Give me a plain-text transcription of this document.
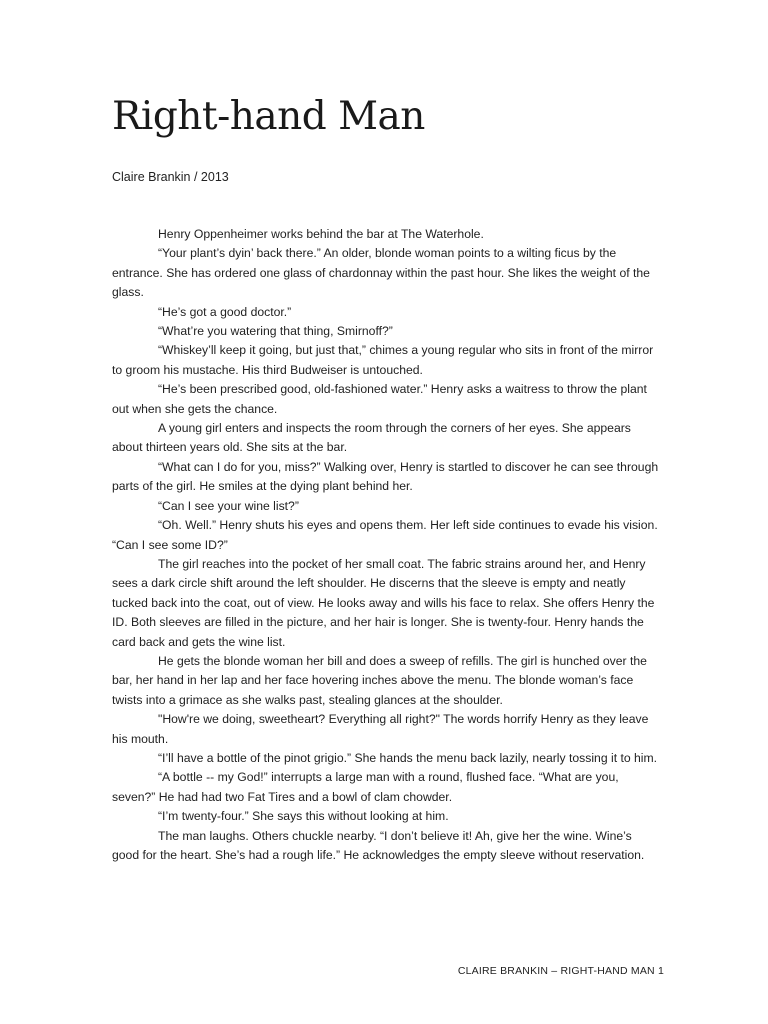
Right-hand Man

Claire Brankin / 2013

Henry Oppenheimer works behind the bar at The Waterhole.

“Your plant’s dyin’ back there.” An older, blonde woman points to a wilting ficus by the entrance. She has ordered one glass of chardonnay within the past hour. She likes the weight of the glass.

“He’s got a good doctor.”

“What’re you watering that thing, Smirnoff?”

“Whiskey’ll keep it going, but just that,” chimes a young regular who sits in front of the mirror to groom his mustache. His third Budweiser is untouched.

“He’s been prescribed good, old-fashioned water.” Henry asks a waitress to throw the plant out when she gets the chance.

A young girl enters and inspects the room through the corners of her eyes. She appears about thirteen years old. She sits at the bar.

“What can I do for you, miss?” Walking over, Henry is startled to discover he can see through parts of the girl. He smiles at the dying plant behind her.

“Can I see your wine list?”

“Oh. Well.” Henry shuts his eyes and opens them. Her left side continues to evade his vision. “Can I see some ID?”

The girl reaches into the pocket of her small coat. The fabric strains around her, and Henry sees a dark circle shift around the left shoulder. He discerns that the sleeve is empty and neatly tucked back into the coat, out of view. He looks away and wills his face to relax. She offers Henry the ID. Both sleeves are filled in the picture, and her hair is longer. She is twenty-four. Henry hands the card back and gets the wine list.

He gets the blonde woman her bill and does a sweep of refills. The girl is hunched over the bar, her hand in her lap and her face hovering inches above the menu. The blonde woman’s face twists into a grimace as she walks past, stealing glances at the shoulder.

"How're we doing, sweetheart? Everything all right?" The words horrify Henry as they leave his mouth.

“I’ll have a bottle of the pinot grigio.” She hands the menu back lazily, nearly tossing it to him.

“A bottle -- my God!” interrupts a large man with a round, flushed face. “What are you, seven?” He had had two Fat Tires and a bowl of clam chowder.

“I’m twenty-four.” She says this without looking at him.

The man laughs. Others chuckle nearby. “I don’t believe it! Ah, give her the wine. Wine’s good for the heart. She’s had a rough life.” He acknowledges the empty sleeve without reservation.

CLAIRE BRANKIN – RIGHT-HAND MAN 1
